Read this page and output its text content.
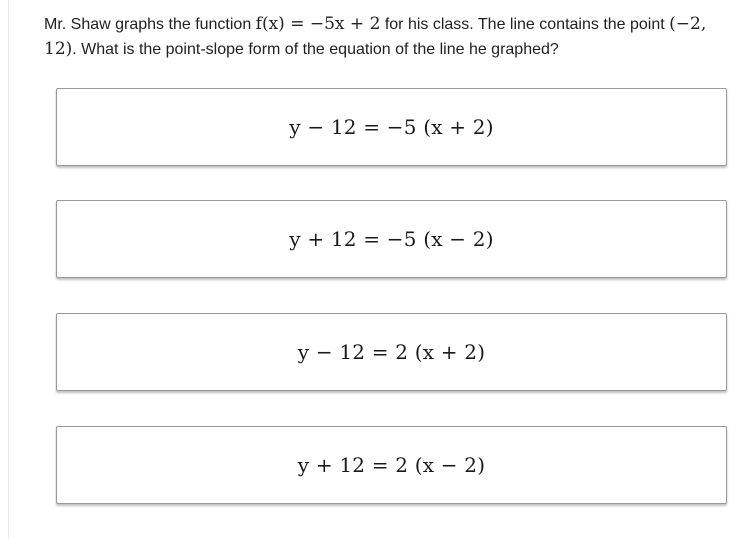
Mr. Shaw graphs the function f(x) = −5x + 2 for his class. The line contains the point (−2, 12). What is the point-slope form of the equation of the line he graphed?
y − 12 = −5 (x + 2)
y + 12 = −5 (x − 2)
y − 12 = 2 (x + 2)
y + 12 = 2 (x − 2)
